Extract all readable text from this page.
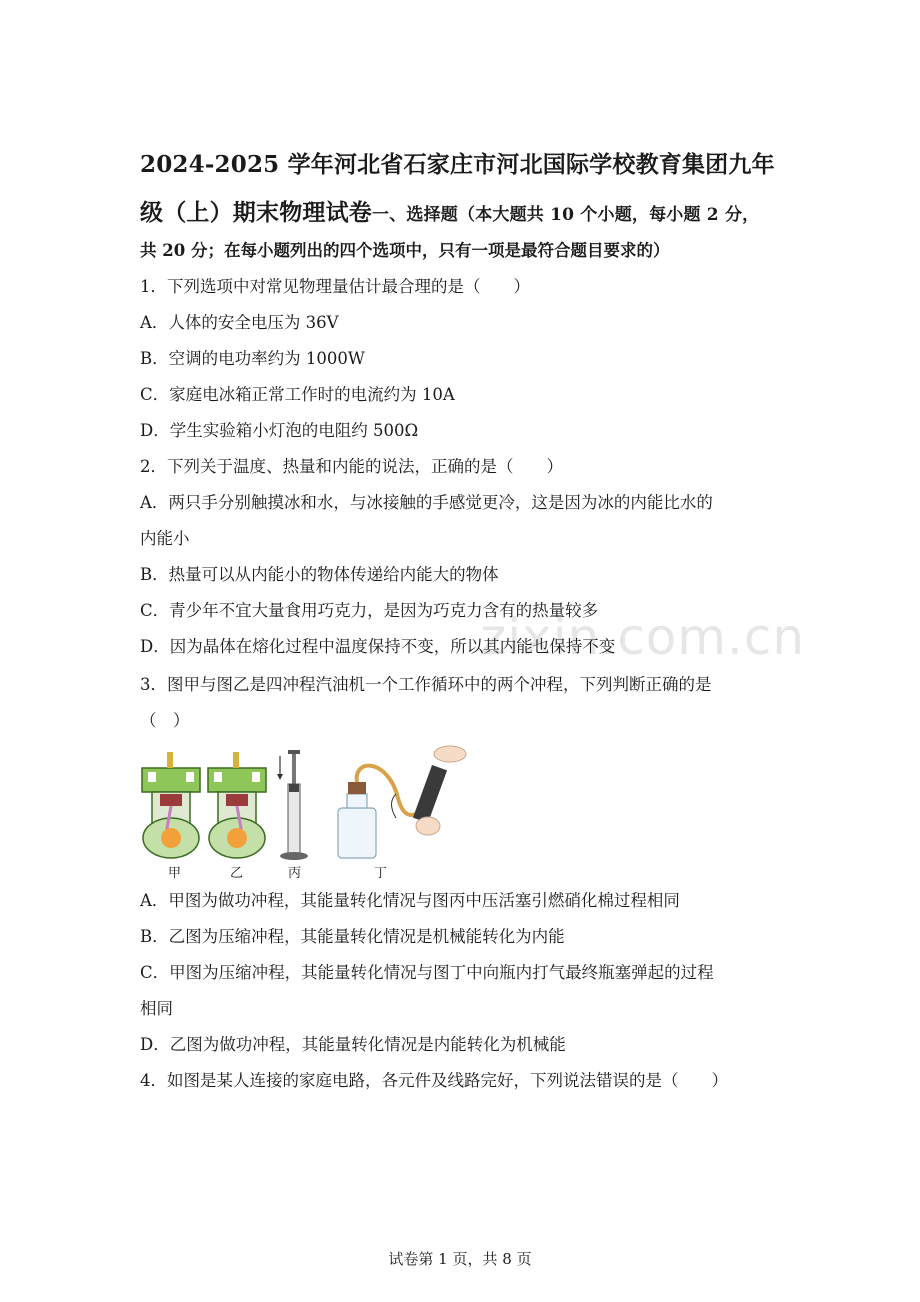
zixin.com.cn
2024-2025 学年河北省石家庄市河北国际学校教育集团九年
级（上）期末物理试卷一、选择题（本大题共 10 个小题，每小题 2 分，
共 20 分；在每小题列出的四个选项中，只有一项是最符合题目要求的）
1．下列选项中对常见物理量估计最合理的是（　　）
A．人体的安全电压为 36V
B．空调的电功率约为 1000W
C．家庭电冰箱正常工作时的电流约为 10A
D．学生实验箱小灯泡的电阻约 500Ω
2．下列关于温度、热量和内能的说法，正确的是（　　）
A．两只手分别触摸冰和水，与冰接触的手感觉更冷，这是因为冰的内能比水的
内能小
B．热量可以从内能小的物体传递给内能大的物体
C．青少年不宜大量食用巧克力，是因为巧克力含有的热量较多
D．因为晶体在熔化过程中温度保持不变，所以其内能也保持不变
3．图甲与图乙是四冲程汽油机一个工作循环中的两个冲程，下列判断正确的是
（　）
甲	乙	丙	丁
A．甲图为做功冲程，其能量转化情况与图丙中压活塞引燃硝化棉过程相同
B．乙图为压缩冲程，其能量转化情况是机械能转化为内能
C．甲图为压缩冲程，其能量转化情况与图丁中向瓶内打气最终瓶塞弹起的过程
相同
D．乙图为做功冲程，其能量转化情况是内能转化为机械能
4．如图是某人连接的家庭电路，各元件及线路完好，下列说法错误的是（　　）
试卷第 1 页，共 8 页
